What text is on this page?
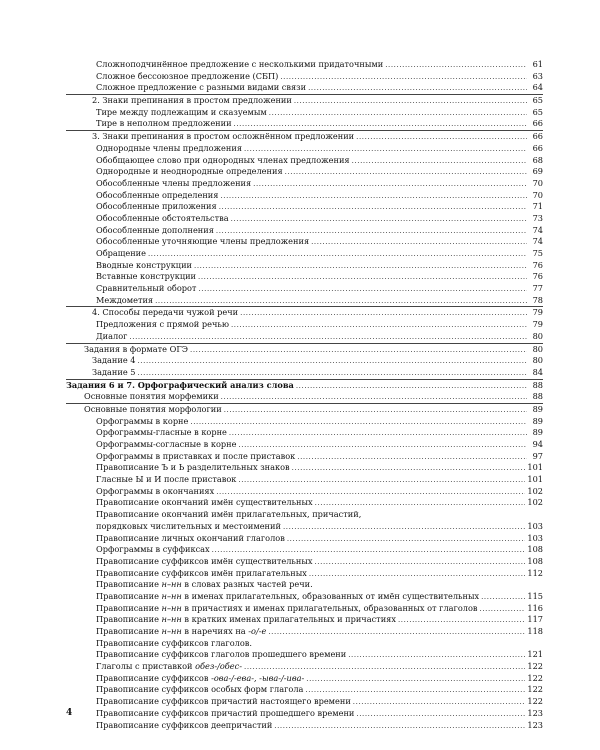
Сложноподчинённое предложение с несколькими придаточными .....	61
Сложное бессоюзное предложение (СБП) .....	63
Сложное предложение с разными видами связи .....	64
2. Знаки препинания в простом предложении .....	65
Тире между подлежащим и сказуемым .....	65
Тире в неполном предложении .....	66
3. Знаки препинания в простом осложнённом предложении .....	66
Однородные члены предложения .....	66
Обобщающее слово при однородных членах предложения .....	68
Однородные и неоднородные определения .....	69
Обособленные члены предложения .....	70
Обособленные определения .....	70
Обособленные приложения .....	71
Обособленные обстоятельства .....	73
Обособленные дополнения .....	74
Обособленные уточняющие члены предложения .....	74
Обращение .....	75
Вводные конструкции .....	76
Вставные конструкции .....	76
Сравнительный оборот .....	77
Междометия .....	78
4. Способы передачи чужой речи .....	79
Предложения с прямой речью .....	79
Диалог .....	80
Задания в формате ОГЭ .....	80
Задание 4 .....	80
Задание 5 .....	84
Задания 6 и 7. Орфографический анализ слова .....	88
Основные понятия морфемики .....	88
Основные понятия морфологии .....	89
Орфограммы в корне .....	89
Орфограммы-гласные в корне .....	89
Орфограммы-согласные в корне .....	94
Орфограммы в приставках и после приставок .....	97
Правописание Ъ и Ь разделительных знаков .....	101
Гласные Ы и И после приставок .....	101
Орфограммы в окончаниях .....	102
Правописание окончаний имён существительных .....	102
Правописание окончаний имён прилагательных, причастий,
порядковых числительных и местоимений .....	103
Правописание личных окончаний глаголов .....	103
Орфограммы в суффиксах .....	108
Правописание суффиксов имён существительных .....	108
Правописание суффиксов имён прилагательных .....	112
Правописание н–нн в словах разных частей речи.
Правописание н–нн в именах прилагательных, образованных от имён существительных .....	115
Правописание н–нн в причастиях и именах прилагательных, образованных от глаголов .....	116
Правописание н–нн в кратких именах прилагательных и причастиях .....	117
Правописание н–нн в наречиях на -о/-е .....	118
Правописание суффиксов глаголов.
Правописание суффиксов глаголов прошедшего времени .....	121
Глаголы с приставкой обез-/обес- .....	122
Правописание суффиксов -ова-/-ева-, -ыва-/-ива- .....	122
Правописание суффиксов особых форм глагола .....	122
Правописание суффиксов причастий настоящего времени .....	122
Правописание суффиксов причастий прошедшего времени .....	123
Правописание суффиксов деепричастий .....	123
4
